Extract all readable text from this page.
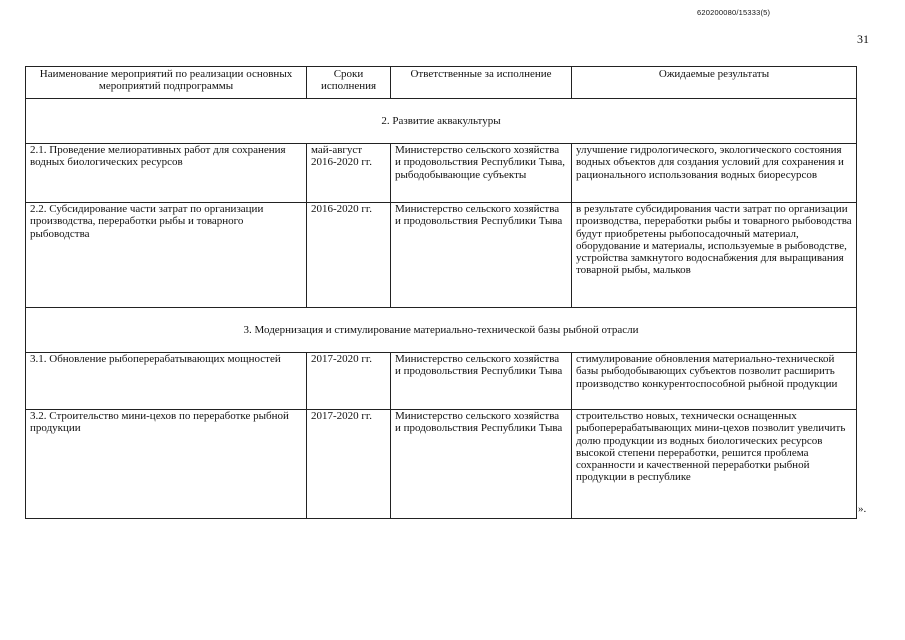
620200080/15333(5)
31
Наименование мероприятий по реализации основных мероприятий подпрограммы	Сроки исполнения	Ответственные за исполнение	Ожидаемые результаты
2. Развитие аквакультуры			
2.1. Проведение мелиоративных работ для сохранения водных биологических ресурсов	май-август 2016-2020 гг.	Министерство сельского хозяйства и продовольствия Республики Тыва, рыбодобывающие субъекты	улучшение гидрологического, экологического состояния водных объектов для создания условий для сохранения и рационального использования водных биоресурсов
2.2. Субсидирование части затрат по организации производства, переработки рыбы и товарного рыбоводства	2016-2020 гг.	Министерство сельского хозяйства и продовольствия Республики Тыва	в результате субсидирования части затрат по организации производства, переработки рыбы и товарного рыбоводства будут приобретены рыбопосадочный материал, оборудование и материалы, используемые в рыбоводстве, устройства замкнутого водоснабжения для выращивания товарной рыбы, мальков
3. Модернизация и стимулирование материально-технической базы рыбной отрасли			
3.1. Обновление рыбоперерабатывающих мощностей	2017-2020 гг.	Министерство сельского хозяйства и продовольствия Республики Тыва	стимулирование обновления материально-технической базы рыбодобывающих субъектов позволит расширить производство конкурентоспособной рыбной продукции
3.2. Строительство мини-цехов по переработке рыбной продукции	2017-2020 гг.	Министерство сельского хозяйства и продовольствия Республики Тыва	строительство новых, технически оснащенных рыбоперерабатывающих мини-цехов позволит увеличить долю продукции из водных биологических ресурсов высокой степени переработки, решится проблема сохранности и качественной переработки рыбной продукции в республике
».
